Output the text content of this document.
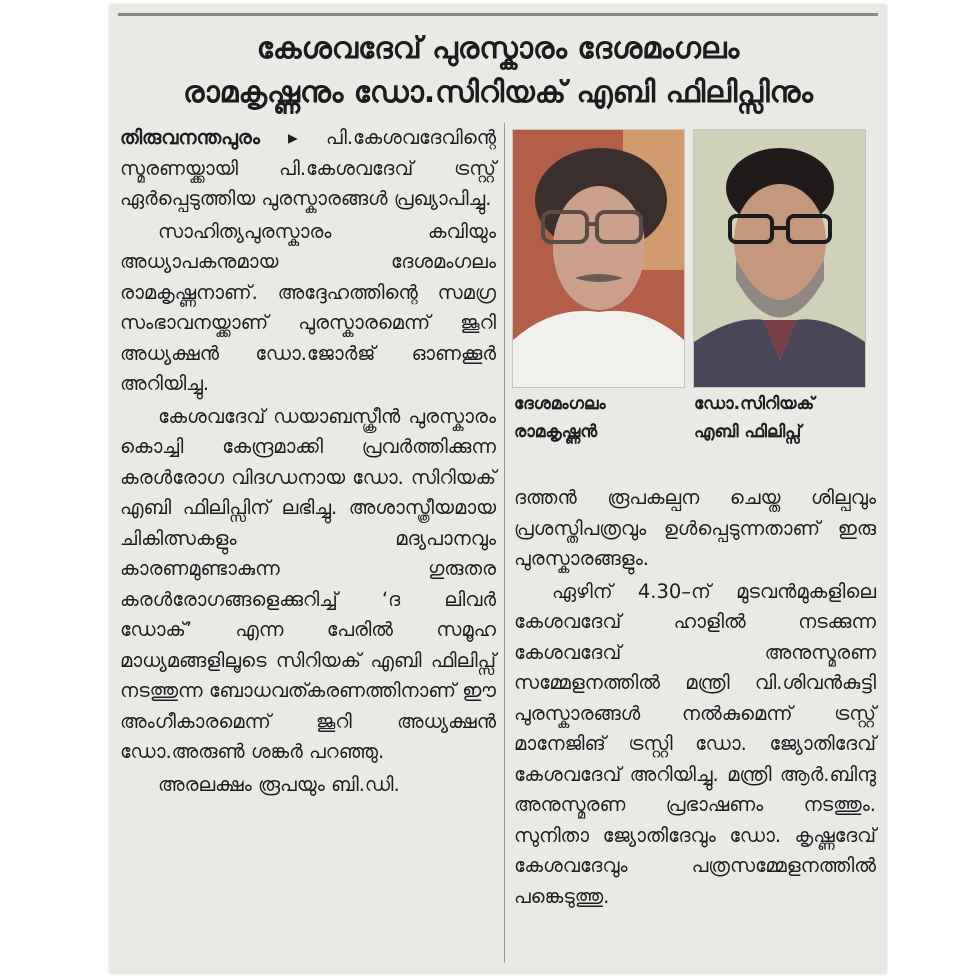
കേശവദേവ് പുരസ്കാരം ദേശമംഗലം
രാമകൃഷ്ണനും ഡോ.സിറിയക് എബി ഫിലിപ്സിനും

തിരുവനന്തപുരം ▸ പി.കേശവദേവിന്റെ സ്മരണയ്ക്കായി പി.കേശവദേവ് ട്രസ്റ്റ് ഏർപ്പെടുത്തിയ പുരസ്കാരങ്ങൾ പ്രഖ്യാപിച്ചു.

സാഹിത്യപുരസ്കാരം കവിയും അധ്യാപകനുമായ ദേശമംഗലം രാമകൃഷ്ണനാണ്. അദ്ദേഹത്തിന്റെ സമഗ്ര സംഭാവനയ്ക്കാണ് പുരസ്കാരമെന്ന് ജൂറി അധ്യക്ഷൻ ഡോ.ജോർജ് ഓണക്കൂർ അറിയിച്ചു.

കേശവദേവ് ഡയാബസ്ക്രീൻ പുരസ്കാരം കൊച്ചി കേന്ദ്രമാക്കി പ്രവർത്തിക്കുന്ന കരൾരോഗ വിദഗ്ധനായ ഡോ. സിറിയക് എബി ഫിലിപ്സിന് ലഭിച്ചു. അശാസ്ത്രീയമായ ചികിത്സകളും മദ്യപാനവും കാരണമുണ്ടാകുന്ന ഗുരുതര കരൾരോഗങ്ങളെക്കുറിച്ച് ‘ദ ലിവർ ഡോക്’ എന്ന പേരിൽ സമൂഹ മാധ്യമങ്ങളിലൂടെ സിറിയക് എബി ഫിലിപ്സ് നടത്തുന്ന ബോധവത്കരണത്തിനാണ് ഈ അംഗീകാരമെന്ന് ജൂറി അധ്യക്ഷൻ ഡോ.അരുൺ ശങ്കർ പറഞ്ഞു.

അരലക്ഷം രൂപയും ബി.ഡി.

ദേശമംഗലം
രാമകൃഷ്ണൻ
ഡോ.സിറിയക്
എബി ഫിലിപ്സ്

ദത്തൻ രൂപകല്പന ചെയ്ത ശില്പവും പ്രശസ്തിപത്രവും ഉൾപ്പെടുന്നതാണ് ഇരു പുരസ്കാരങ്ങളും.

ഏഴിന് 4.30–ന് മുടവൻമുകളിലെ കേശവദേവ് ഹാളിൽ നടക്കുന്ന കേശവദേവ് അനുസ്മരണ സമ്മേളനത്തിൽ മന്ത്രി വി.ശിവൻകുട്ടി പുരസ്കാരങ്ങൾ നൽകുമെന്ന് ട്രസ്റ്റ് മാനേജിങ് ട്രസ്റ്റി ഡോ. ജ്യോതിദേവ് കേശവദേവ് അറിയിച്ചു. മന്ത്രി ആർ.ബിന്ദു അനുസ്മരണ പ്രഭാഷണം നടത്തും. സുനിതാ ജ്യോതിദേവും ഡോ. കൃഷ്ണദേവ് കേശവദേവും പത്രസമ്മേളനത്തിൽ പങ്കെടുത്തു.
